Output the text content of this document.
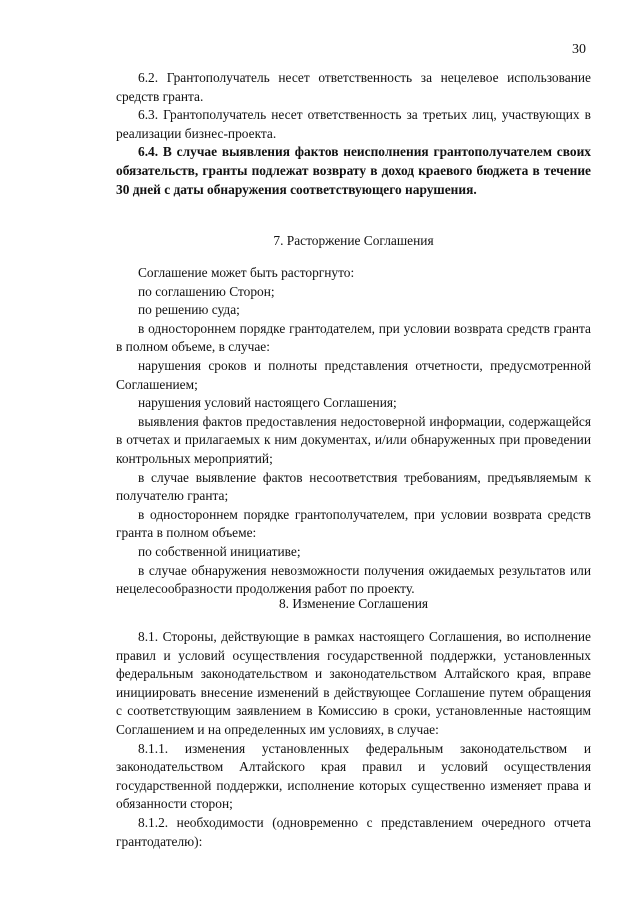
30

6.2. Грантополучатель несет ответственность за нецелевое использование средств гранта.

6.3. Грантополучатель несет ответственность за третьих лиц, участвующих в реализации бизнес-проекта.

6.4. В случае выявления фактов неисполнения грантополучателем своих обязательств, гранты подлежат возврату в доход краевого бюджета в течение 30 дней с даты обнаружения соответствующего нарушения.

7. Расторжение Соглашения

Соглашение может быть расторгнуто:

по соглашению Сторон;

по решению суда;

в одностороннем порядке грантодателем, при условии возврата средств гранта в полном объеме, в случае:

нарушения сроков и полноты представления отчетности, предусмотренной Соглашением;

нарушения условий настоящего Соглашения;

выявления фактов предоставления недостоверной информации, содержащейся в отчетах и прилагаемых к ним документах, и/или обнаруженных при проведении контрольных мероприятий;

в случае выявление фактов несоответствия требованиям, предъявляемым к получателю гранта;

в одностороннем порядке грантополучателем, при условии возврата средств гранта в полном объеме:

по собственной инициативе;

в случае обнаружения невозможности получения ожидаемых результатов или нецелесообразности продолжения работ по проекту.

8. Изменение Соглашения

8.1. Стороны, действующие в рамках настоящего Соглашения, во исполнение правил и условий осуществления государственной поддержки, установленных федеральным законодательством и законодательством Алтайского края, вправе инициировать внесение изменений в действующее Соглашение путем обращения с соответствующим заявлением в Комиссию в сроки, установленные настоящим Соглашением и на определенных им условиях, в случае:

8.1.1. изменения установленных федеральным законодательством и законодательством Алтайского края правил и условий осуществления государственной поддержки, исполнение которых существенно изменяет права и обязанности сторон;

8.1.2. необходимости (одновременно с представлением очередного отчета грантодателю):
